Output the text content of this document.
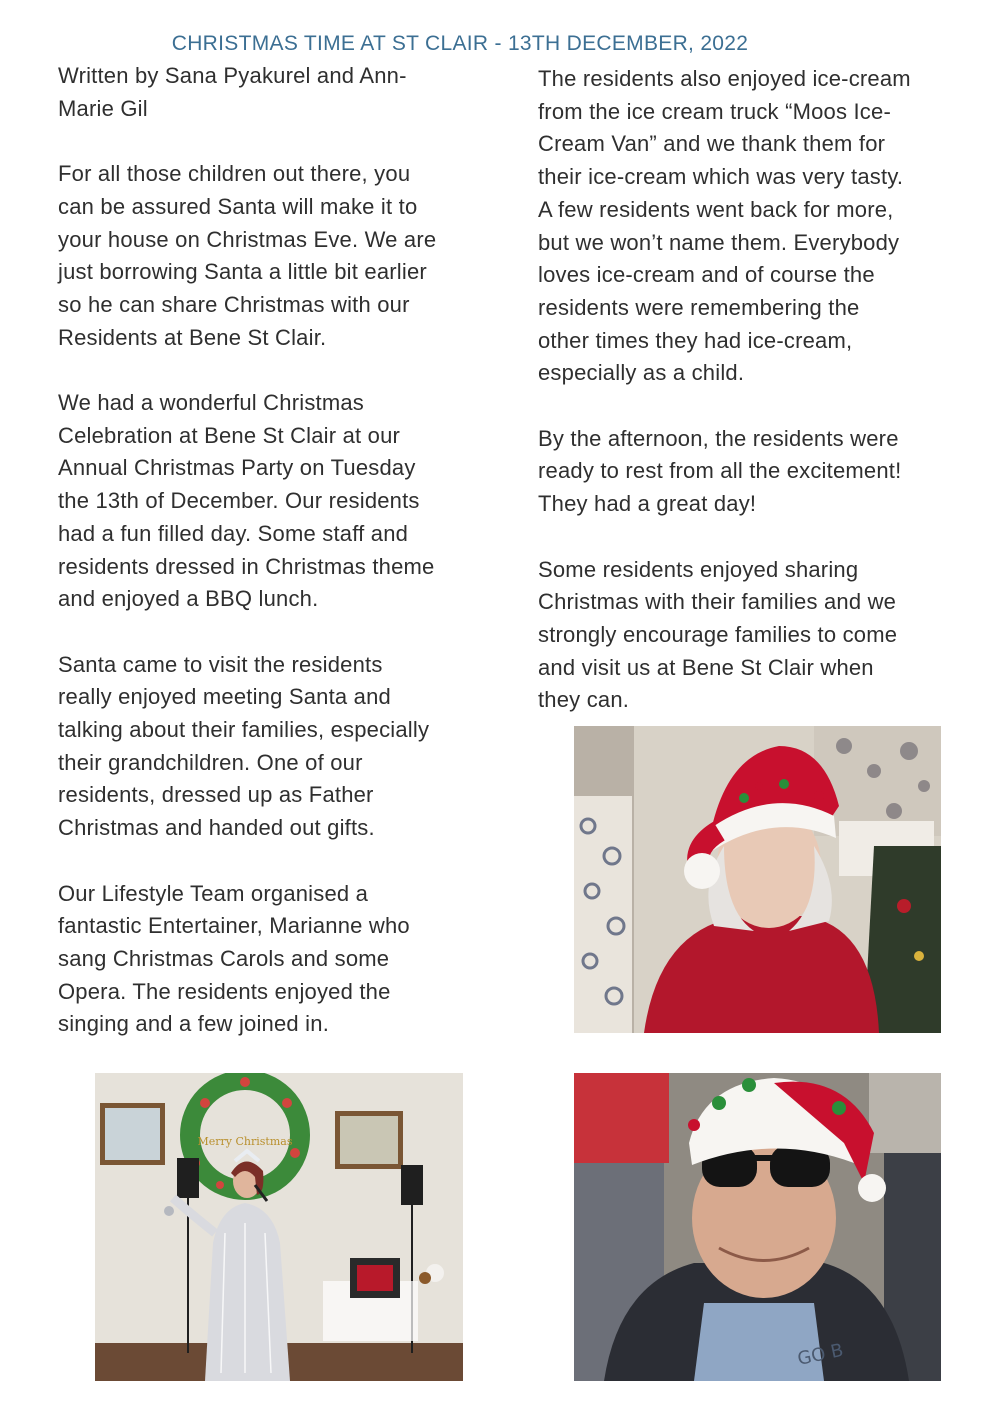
CHRISTMAS TIME AT ST CLAIR - 13TH DECEMBER, 2022

Written by Sana Pyakurel and Ann-
Marie Gil

For all those children out there, you
can be assured Santa will make it to
your house on Christmas Eve. We are
just borrowing Santa a little bit earlier
so he can share Christmas with our
Residents at Bene St Clair.

We had a wonderful Christmas
Celebration at Bene St Clair at our
Annual Christmas Party on Tuesday
the 13th of December. Our residents
had a fun filled day. Some staff and
residents dressed in Christmas theme
and enjoyed a BBQ lunch.

Santa came to visit the residents
really enjoyed meeting Santa and
talking about their families, especially
their grandchildren. One of our
residents, dressed up as Father
Christmas and handed out gifts.

Our Lifestyle Team organised a
fantastic Entertainer, Marianne who
sang Christmas Carols and some
Opera. The residents enjoyed the
singing and a few joined in.

The residents also enjoyed ice-cream
from the ice cream truck “Moos Ice-
Cream Van” and we thank them for
their ice-cream which was very tasty.
A few residents went back for more,
but we won’t name them. Everybody
loves ice-cream and of course the
residents were remembering the
other times they had ice-cream,
especially as a child.

By the afternoon, the residents were
ready to rest from all the excitement!
They had a great day!

Some residents enjoyed sharing
Christmas with their families and we
strongly encourage families to come
and visit us at Bene St Clair when
they can.

Merry Christmas
GO B
